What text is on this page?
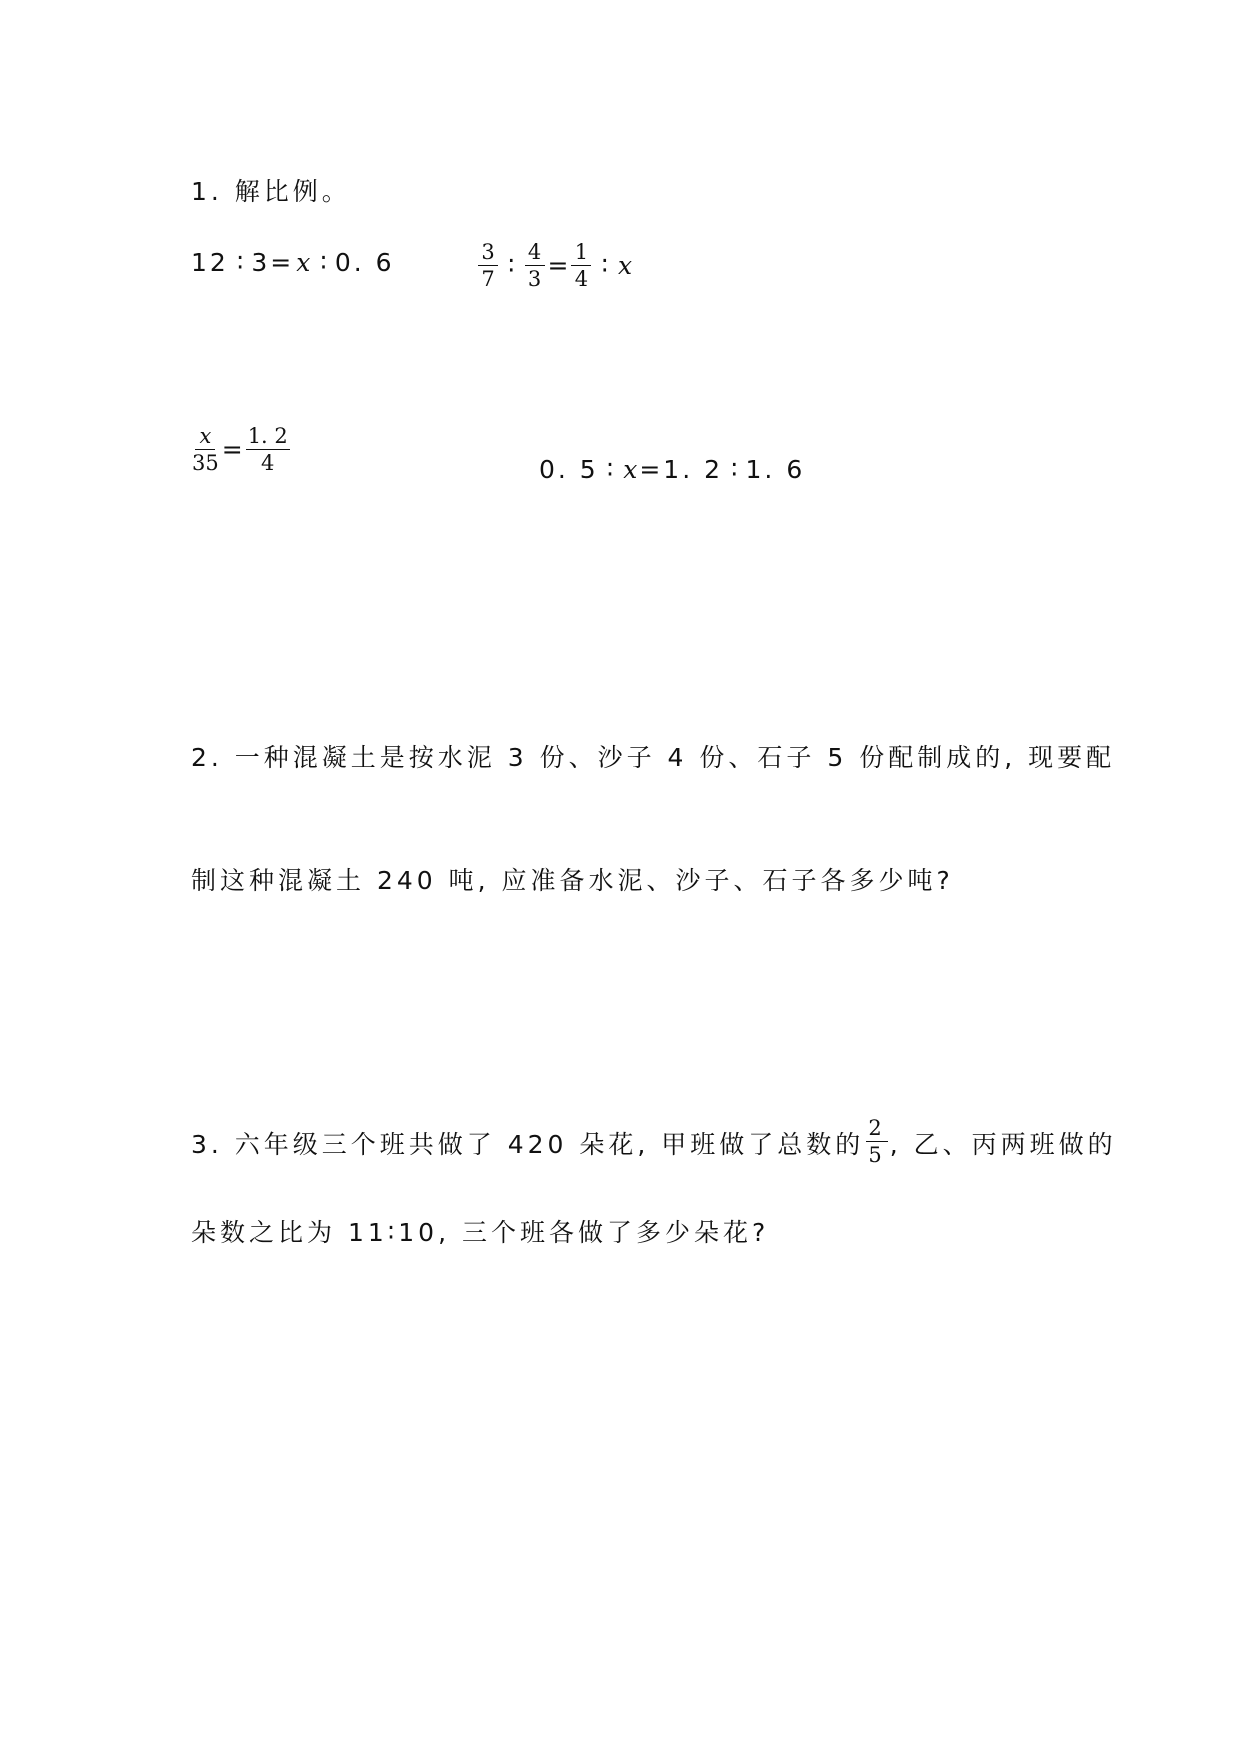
1. 解比例。
12 ∶ 3= x ∶ 0. 6	$\frac{3}{7}$ ∶ $\frac{4}{3} = \frac{1}{4}$ ∶ x
$\frac{x}{35} = \frac{1. 2}{4}$	0. 5 ∶ x =1. 2 ∶ 1. 6
2. 一种混凝土是按水泥 3 份、沙子 4 份、石子 5 份配制成的, 现要配
制这种混凝土 240 吨, 应准备水泥、沙子、石子各多少吨?
3. 六年级三个班共做了 420 朵花, 甲班做了总数的 $\frac{2}{5}$ , 乙、丙两班做的
朵数之比为 11∶10, 三个班各做了多少朵花?
